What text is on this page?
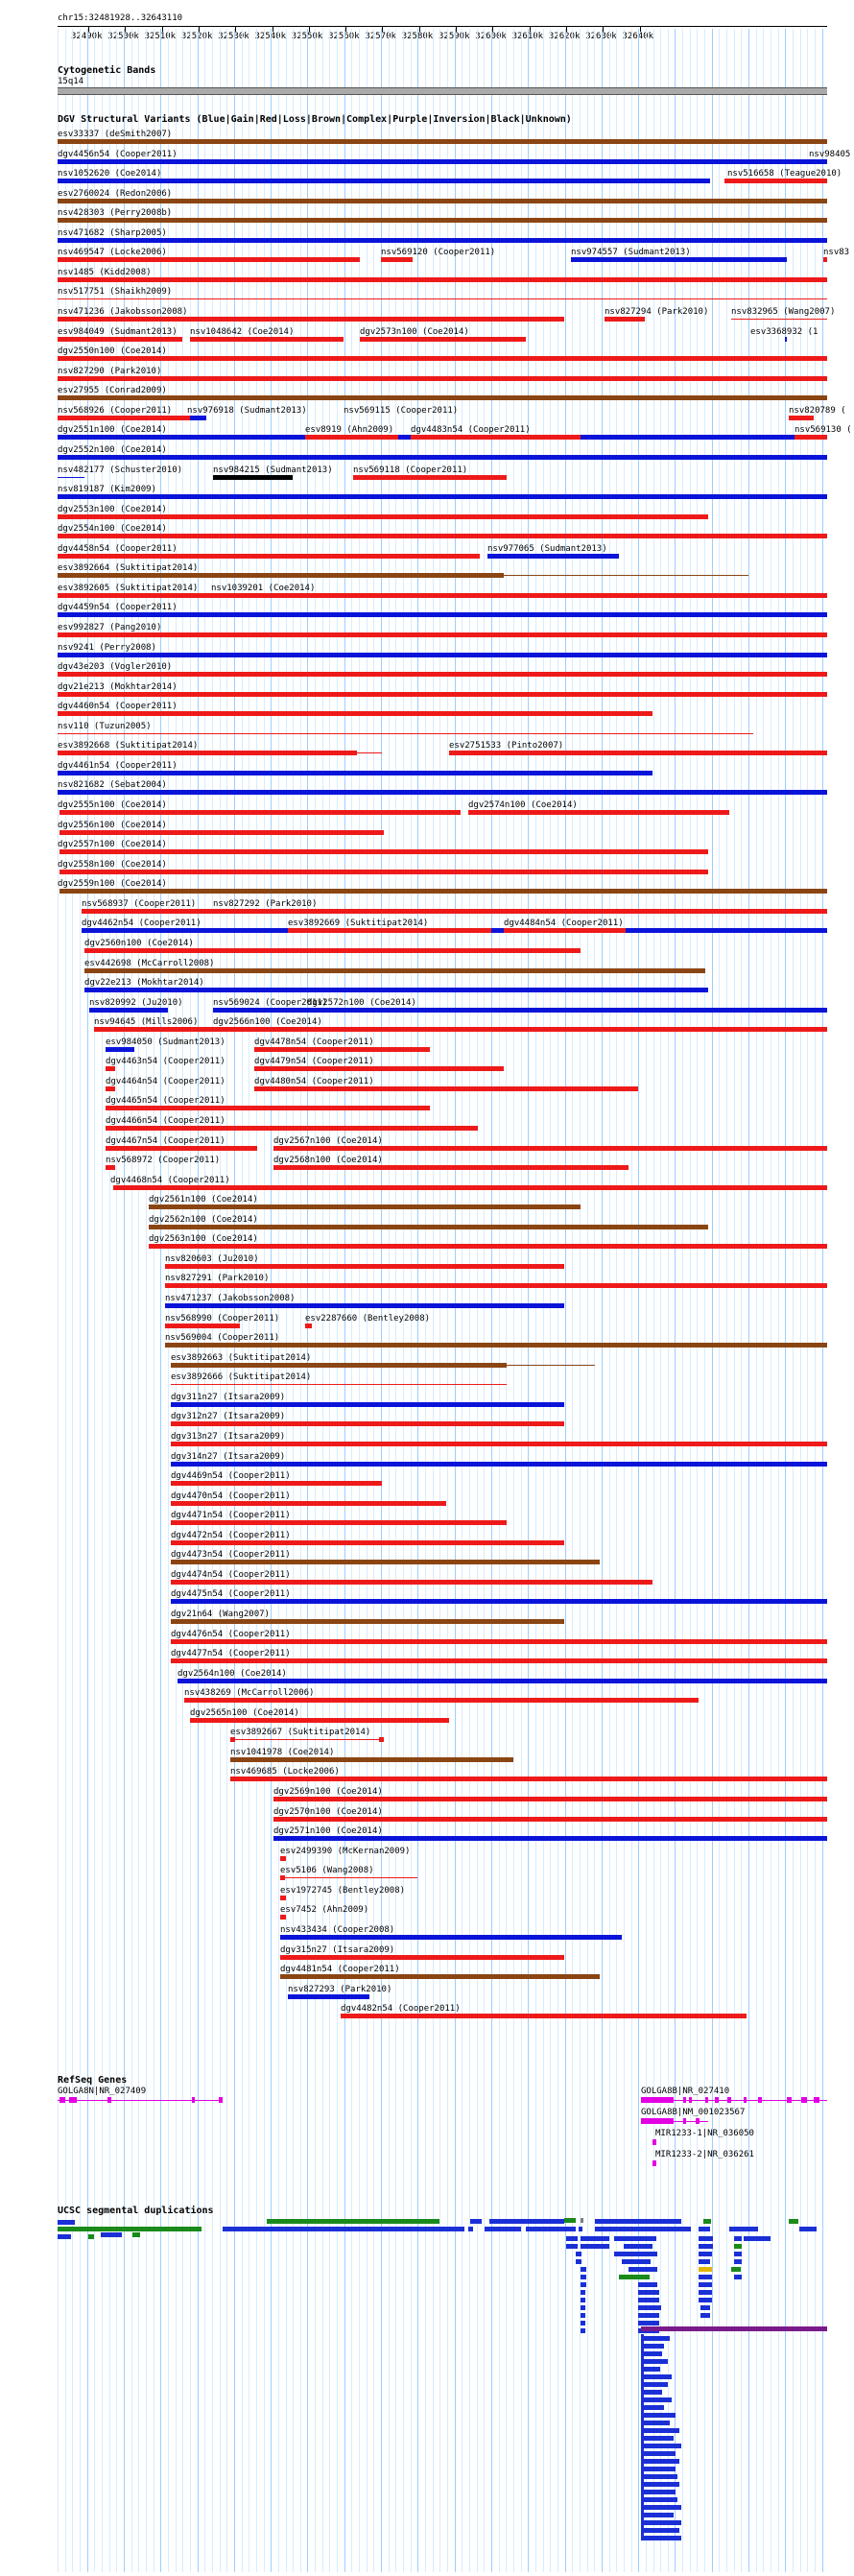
chr15:32481928..32643110
Cytogenetic Bands
15q14
DGV Structural Variants (Blue|Gain|Red|Loss|Brown|Complex|Purple|Inversion|Black|Unknown)
esv33337 (deSmith2007)
dgv4456n54 (Cooper2011)	nsv98405
nsv1052620 (Coe2014)	nsv516658 (Teague2010)
esv2760024 (Redon2006)
nsv428303 (Perry2008b)
nsv471682 (Sharp2005)
nsv469547 (Locke2006)	nsv569120 (Cooper2011)	nsv974557 (Sudmant2013)	nsv83
nsv1485 (Kidd2008)
nsv517751 (Shaikh2009)
nsv471236 (Jakobsson2008)	nsv827294 (Park2010)	nsv832965 (Wang2007)
esv984049 (Sudmant2013) nsv1048642 (Coe2014)	dgv2573n100 (Coe2014)	esv3368932 (1
dgv2550n100 (Coe2014)
nsv827290 (Park2010)
esv27955 (Conrad2009)
nsv568926 (Cooper2011) nsv976918 (Sudmant2013)	nsv569115 (Cooper2011)	nsv820789 (
dgv2551n100 (Coe2014)	esv8919 (Ahn2009) dgv4483n54 (Cooper2011)	nsv569130 (
dgv2552n100 (Coe2014)
nsv482177 (Schuster2010)	nsv984215 (Sudmant2013) nsv569118 (Cooper2011)
nsv819187 (Kim2009)
dgv2553n100 (Coe2014)
dgv2554n100 (Coe2014)
dgv4458n54 (Cooper2011)	nsv977065 (Sudmant2013)
esv3892664 (Suktitipat2014)
esv3892605 (Suktitipat2014) nsv1039201 (Coe2014)
dgv4459n54 (Cooper2011)
esv992827 (Pang2010)
nsv9241 (Perry2008)
dgv43e203 (Vogler2010)
dgv21e213 (Mokhtar2014)
dgv4460n54 (Cooper2011)
nsv110 (Tuzun2005)
esv3892668 (Suktitipat2014)	esv2751533 (Pinto2007)
dgv4461n54 (Cooper2011)
nsv821682 (Sebat2004)
dgv2555n100 (Coe2014)	dgv2574n100 (Coe2014)
dgv2556n100 (Coe2014)
dgv2557n100 (Coe2014)
dgv2558n100 (Coe2014)
dgv2559n100 (Coe2014)
nsv568937 (Cooper2011) nsv827292 (Park2010)
dgv4462n54 (Cooper2011)	esv3892669 (Suktitipat2014)	dgv4484n54 (Cooper2011)
dgv2560n100 (Coe2014)
esv442698 (McCarroll2008)
dgv22e213 (Mokhtar2014)
nsv820992 (Ju2010)	nsv569024 (Cooper2011)
dgv2572n100 (Coe2014)
nsv94645 (Mills2006) dgv2566n100 (Coe2014)
esv984050 (Sudmant2013)	dgv4478n54 (Cooper2011)
dgv4463n54 (Cooper2011)	dgv4479n54 (Cooper2011)
dgv4464n54 (Cooper2011)	dgv4480n54 (Cooper2011)
dgv4465n54 (Cooper2011)
dgv4466n54 (Cooper2011)
dgv4467n54 (Cooper2011)	dgv2567n100 (Coe2014)
nsv568972 (Cooper2011)	dgv2568n100 (Coe2014)
dgv4468n54 (Cooper2011)
dgv2561n100 (Coe2014)
dgv2562n100 (Coe2014)
dgv2563n100 (Coe2014)
nsv820603 (Ju2010)
nsv827291 (Park2010)
nsv471237 (Jakobsson2008)
nsv568990 (Cooper2011)	esv2287660 (Bentley2008)
nsv569004 (Cooper2011)
esv3892663 (Suktitipat2014)
esv3892666 (Suktitipat2014)
dgv311n27 (Itsara2009)
dgv312n27 (Itsara2009)
dgv313n27 (Itsara2009)
dgv314n27 (Itsara2009)
dgv4469n54 (Cooper2011)
dgv4470n54 (Cooper2011)
dgv4471n54 (Cooper2011)
dgv4472n54 (Cooper2011)
dgv4473n54 (Cooper2011)
dgv4474n54 (Cooper2011)
dgv4475n54 (Cooper2011)
dgv21n64 (Wang2007)
dgv4476n54 (Cooper2011)
dgv4477n54 (Cooper2011)
dgv2564n100 (Coe2014)
nsv438269 (McCarroll2006)
dgv2565n100 (Coe2014)
esv3892667 (Suktitipat2014)
nsv1041978 (Coe2014)
nsv469685 (Locke2006)
dgv2569n100 (Coe2014)
dgv2570n100 (Coe2014)
dgv2571n100 (Coe2014)
esv2499390 (McKernan2009)
esv5106 (Wang2008)
esv1972745 (Bentley2008)
esv7452 (Ahn2009)
nsv433434 (Cooper2008)
dgv315n27 (Itsara2009)
dgv4481n54 (Cooper2011)
nsv827293 (Park2010)
dgv4482n54 (Cooper2011)
RefSeq Genes
GOLGA8N|NR_027409	GOLGA8B|NR_027410
GOLGA8B|NM_001023567
MIR1233-1|NR_036050
MIR1233-2|NR_036261
UCSC segmental duplications
